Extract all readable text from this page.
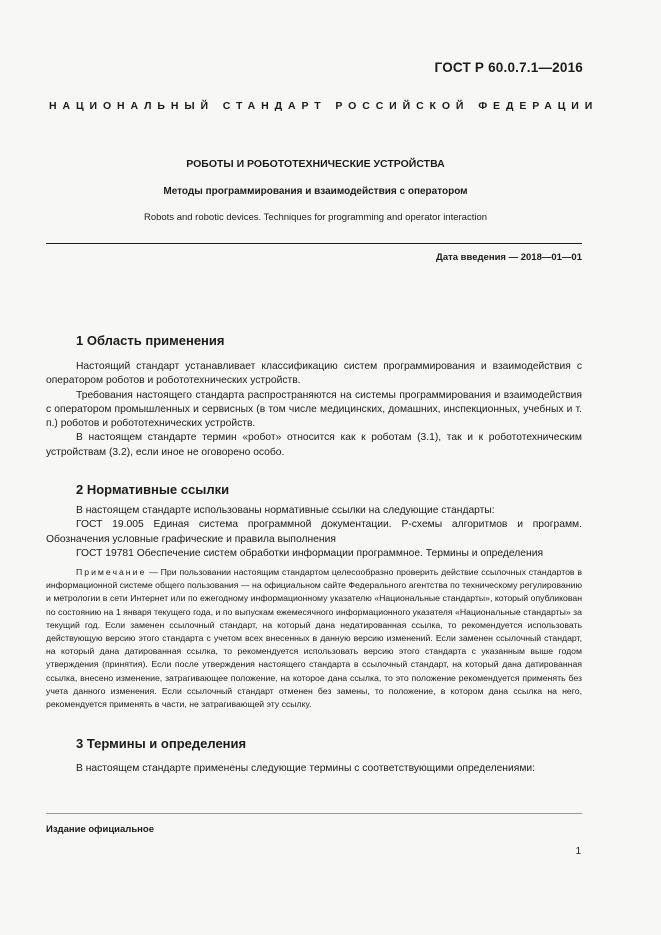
ГОСТ Р 60.0.7.1—2016
НАЦИОНАЛЬНЫЙ СТАНДАРТ РОССИЙСКОЙ ФЕДЕРАЦИИ
РОБОТЫ И РОБОТОТЕХНИЧЕСКИЕ УСТРОЙСТВА
Методы программирования и взаимодействия с оператором
Robots and robotic devices. Techniques for programming and operator interaction
Дата введения — 2018—01—01
1 Область применения

Настоящий стандарт устанавливает классификацию систем программирования и взаимодействия с оператором роботов и робототехнических устройств.

Требования настоящего стандарта распространяются на системы программирования и взаимодействия с оператором промышленных и сервисных (в том числе медицинских, домашних, инспекционных, учебных и т. п.) роботов и робототехнических устройств.

В настоящем стандарте термин «робот» относится как к роботам (3.1), так и к робототехническим устройствам (3.2), если иное не оговорено особо.

2 Нормативные ссылки

В настоящем стандарте использованы нормативные ссылки на следующие стандарты:

ГОСТ 19.005 Единая система программной документации. Р-схемы алгоритмов и программ. Обозначения условные графические и правила выполнения

ГОСТ 19781 Обеспечение систем обработки информации программное. Термины и определения

Примечание — При пользовании настоящим стандартом целесообразно проверить действие ссылочных стандартов в информационной системе общего пользования — на официальном сайте Федерального агентства по техническому регулированию и метрологии в сети Интернет или по ежегодному информационному указателю «Национальные стандарты», который опубликован по состоянию на 1 января текущего года, и по выпускам ежемесячного информационного указателя «Национальные стандарты» за текущий год. Если заменен ссылочный стандарт, на который дана недатированная ссылка, то рекомендуется использовать действующую версию этого стандарта с учетом всех внесенных в данную версию изменений. Если заменен ссылочный стандарт, на который дана датированная ссылка, то рекомендуется использовать версию этого стандарта с указанным выше годом утверждения (принятия). Если после утверждения настоящего стандарта в ссылочный стандарт, на который дана датированная ссылка, внесено изменение, затрагивающее положение, на которое дана ссылка, то это положение рекомендуется применять без учета данного изменения. Если ссылочный стандарт отменен без замены, то положение, в котором дана ссылка на него, рекомендуется применять в части, не затрагивающей эту ссылку.

3 Термины и определения

В настоящем стандарте применены следующие термины с соответствующими определениями:

Издание официальное
1
